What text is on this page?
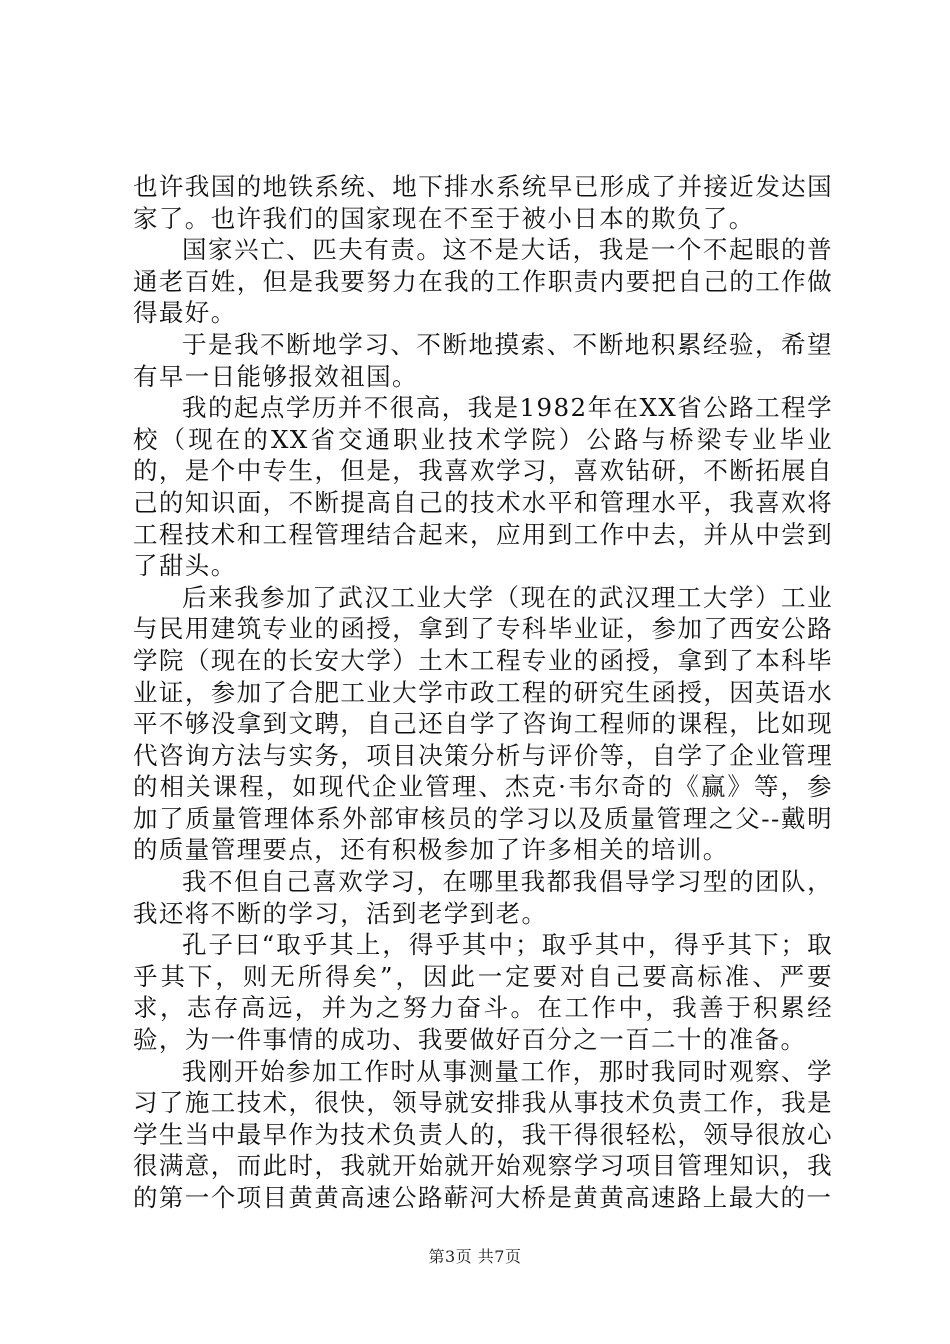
也许我国的地铁系统、地下排水系统早已形成了并接近发达国家了。也许我们的国家现在不至于被小日本的欺负了。

国家兴亡、匹夫有责。这不是大话，我是一个不起眼的普通老百姓，但是我要努力在我的工作职责内要把自己的工作做得最好。

于是我不断地学习、不断地摸索、不断地积累经验，希望有早一日能够报效祖国。

我的起点学历并不很高，我是1982年在XX省公路工程学校（现在的XX省交通职业技术学院）公路与桥梁专业毕业的，是个中专生，但是，我喜欢学习，喜欢钻研，不断拓展自己的知识面，不断提高自己的技术水平和管理水平，我喜欢将工程技术和工程管理结合起来，应用到工作中去，并从中尝到了甜头。

后来我参加了武汉工业大学（现在的武汉理工大学）工业与民用建筑专业的函授，拿到了专科毕业证，参加了西安公路学院（现在的长安大学）土木工程专业的函授，拿到了本科毕业证，参加了合肥工业大学市政工程的研究生函授，因英语水平不够没拿到文聘，自己还自学了咨询工程师的课程，比如现代咨询方法与实务，项目决策分析与评价等，自学了企业管理的相关课程，如现代企业管理、杰克·韦尔奇的《赢》等，参加了质量管理体系外部审核员的学习以及质量管理之父--戴明的质量管理要点，还有积极参加了许多相关的培训。

我不但自己喜欢学习，在哪里我都我倡导学习型的团队，我还将不断的学习，活到老学到老。

孔子曰“取乎其上，得乎其中；取乎其中，得乎其下；取乎其下，则无所得矣”，因此一定要对自己要高标准、严要求，志存高远，并为之努力奋斗。在工作中，我善于积累经验，为一件事情的成功、我要做好百分之一百二十的准备。

我刚开始参加工作时从事测量工作，那时我同时观察、学习了施工技术，很快，领导就安排我从事技术负责工作，我是学生当中最早作为技术负责人的，我干得很轻松，领导很放心很满意，而此时，我就开始就开始观察学习项目管理知识，我的第一个项目黄黄高速公路蕲河大桥是黄黄高速路上最大的一

第3页 共7页
